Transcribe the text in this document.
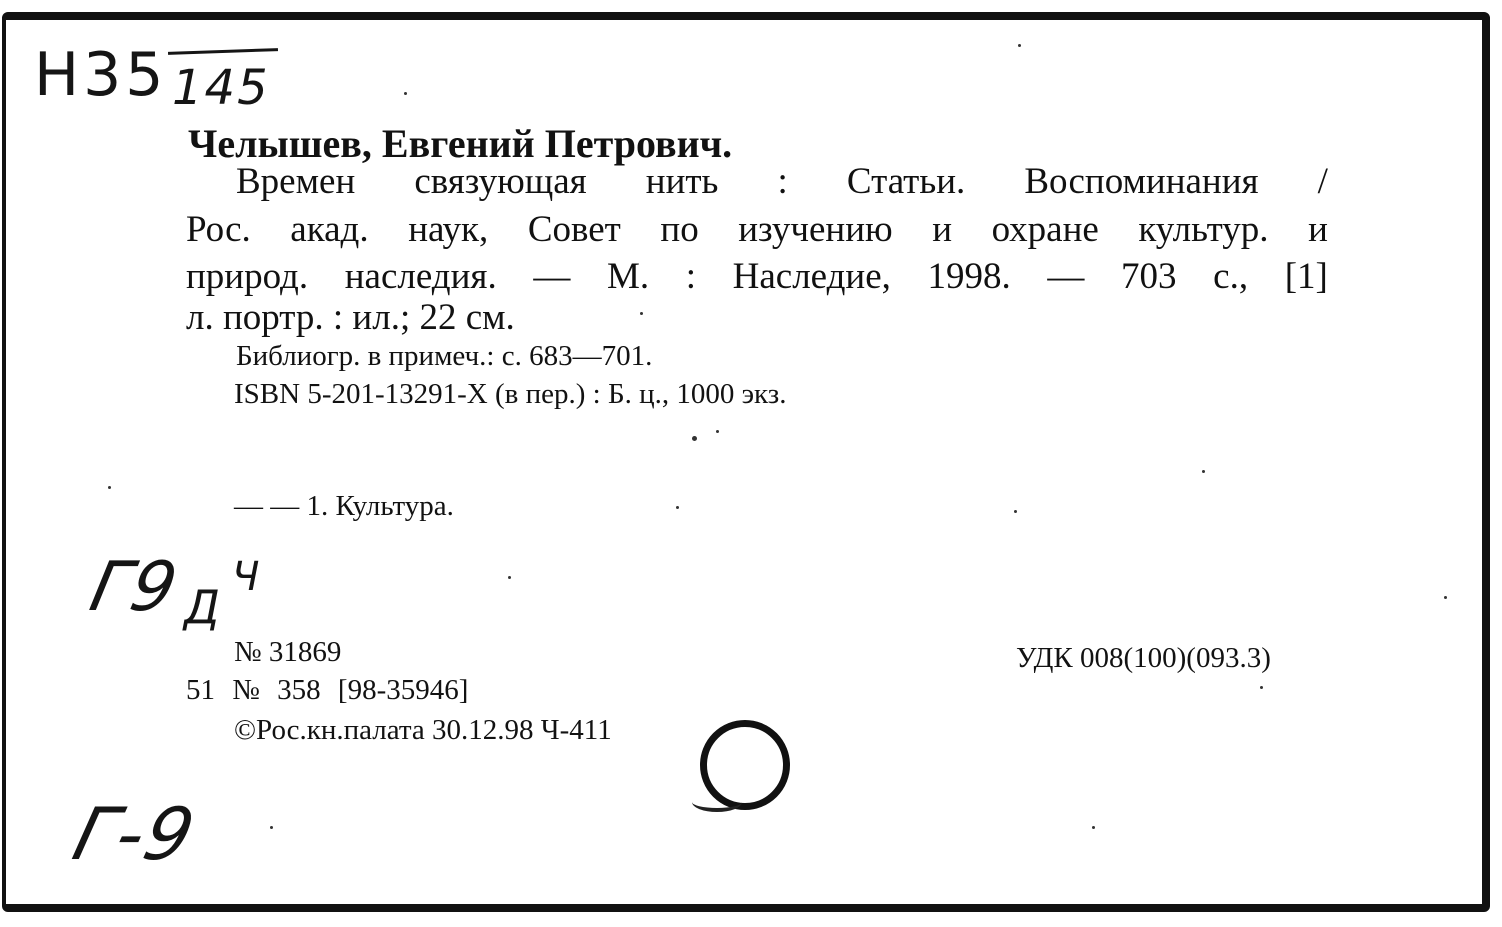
Н35 145
Челышев, Евгений Петрович.
Времен связующая нить : Статьи. Воспоминания /
Рос. акад. наук, Совет по изучению и охране культур. и
природ. наследия. — М. : Наследие, 1998. — 703 с., [1]
л. портр. : ил.; 22 см.
Библиогр. в примеч.: с. 683—701.
ISBN 5-201-13291-Х (в пер.) : Б. ц., 1000 экз.
— — 1. Культура.
Г9
Д
Ч
№ 31869
51 № 358 [98-35946]
©Рос.кн.палата 30.12.98 Ч-411
УДК 008(100)(093.3)
Г-9
